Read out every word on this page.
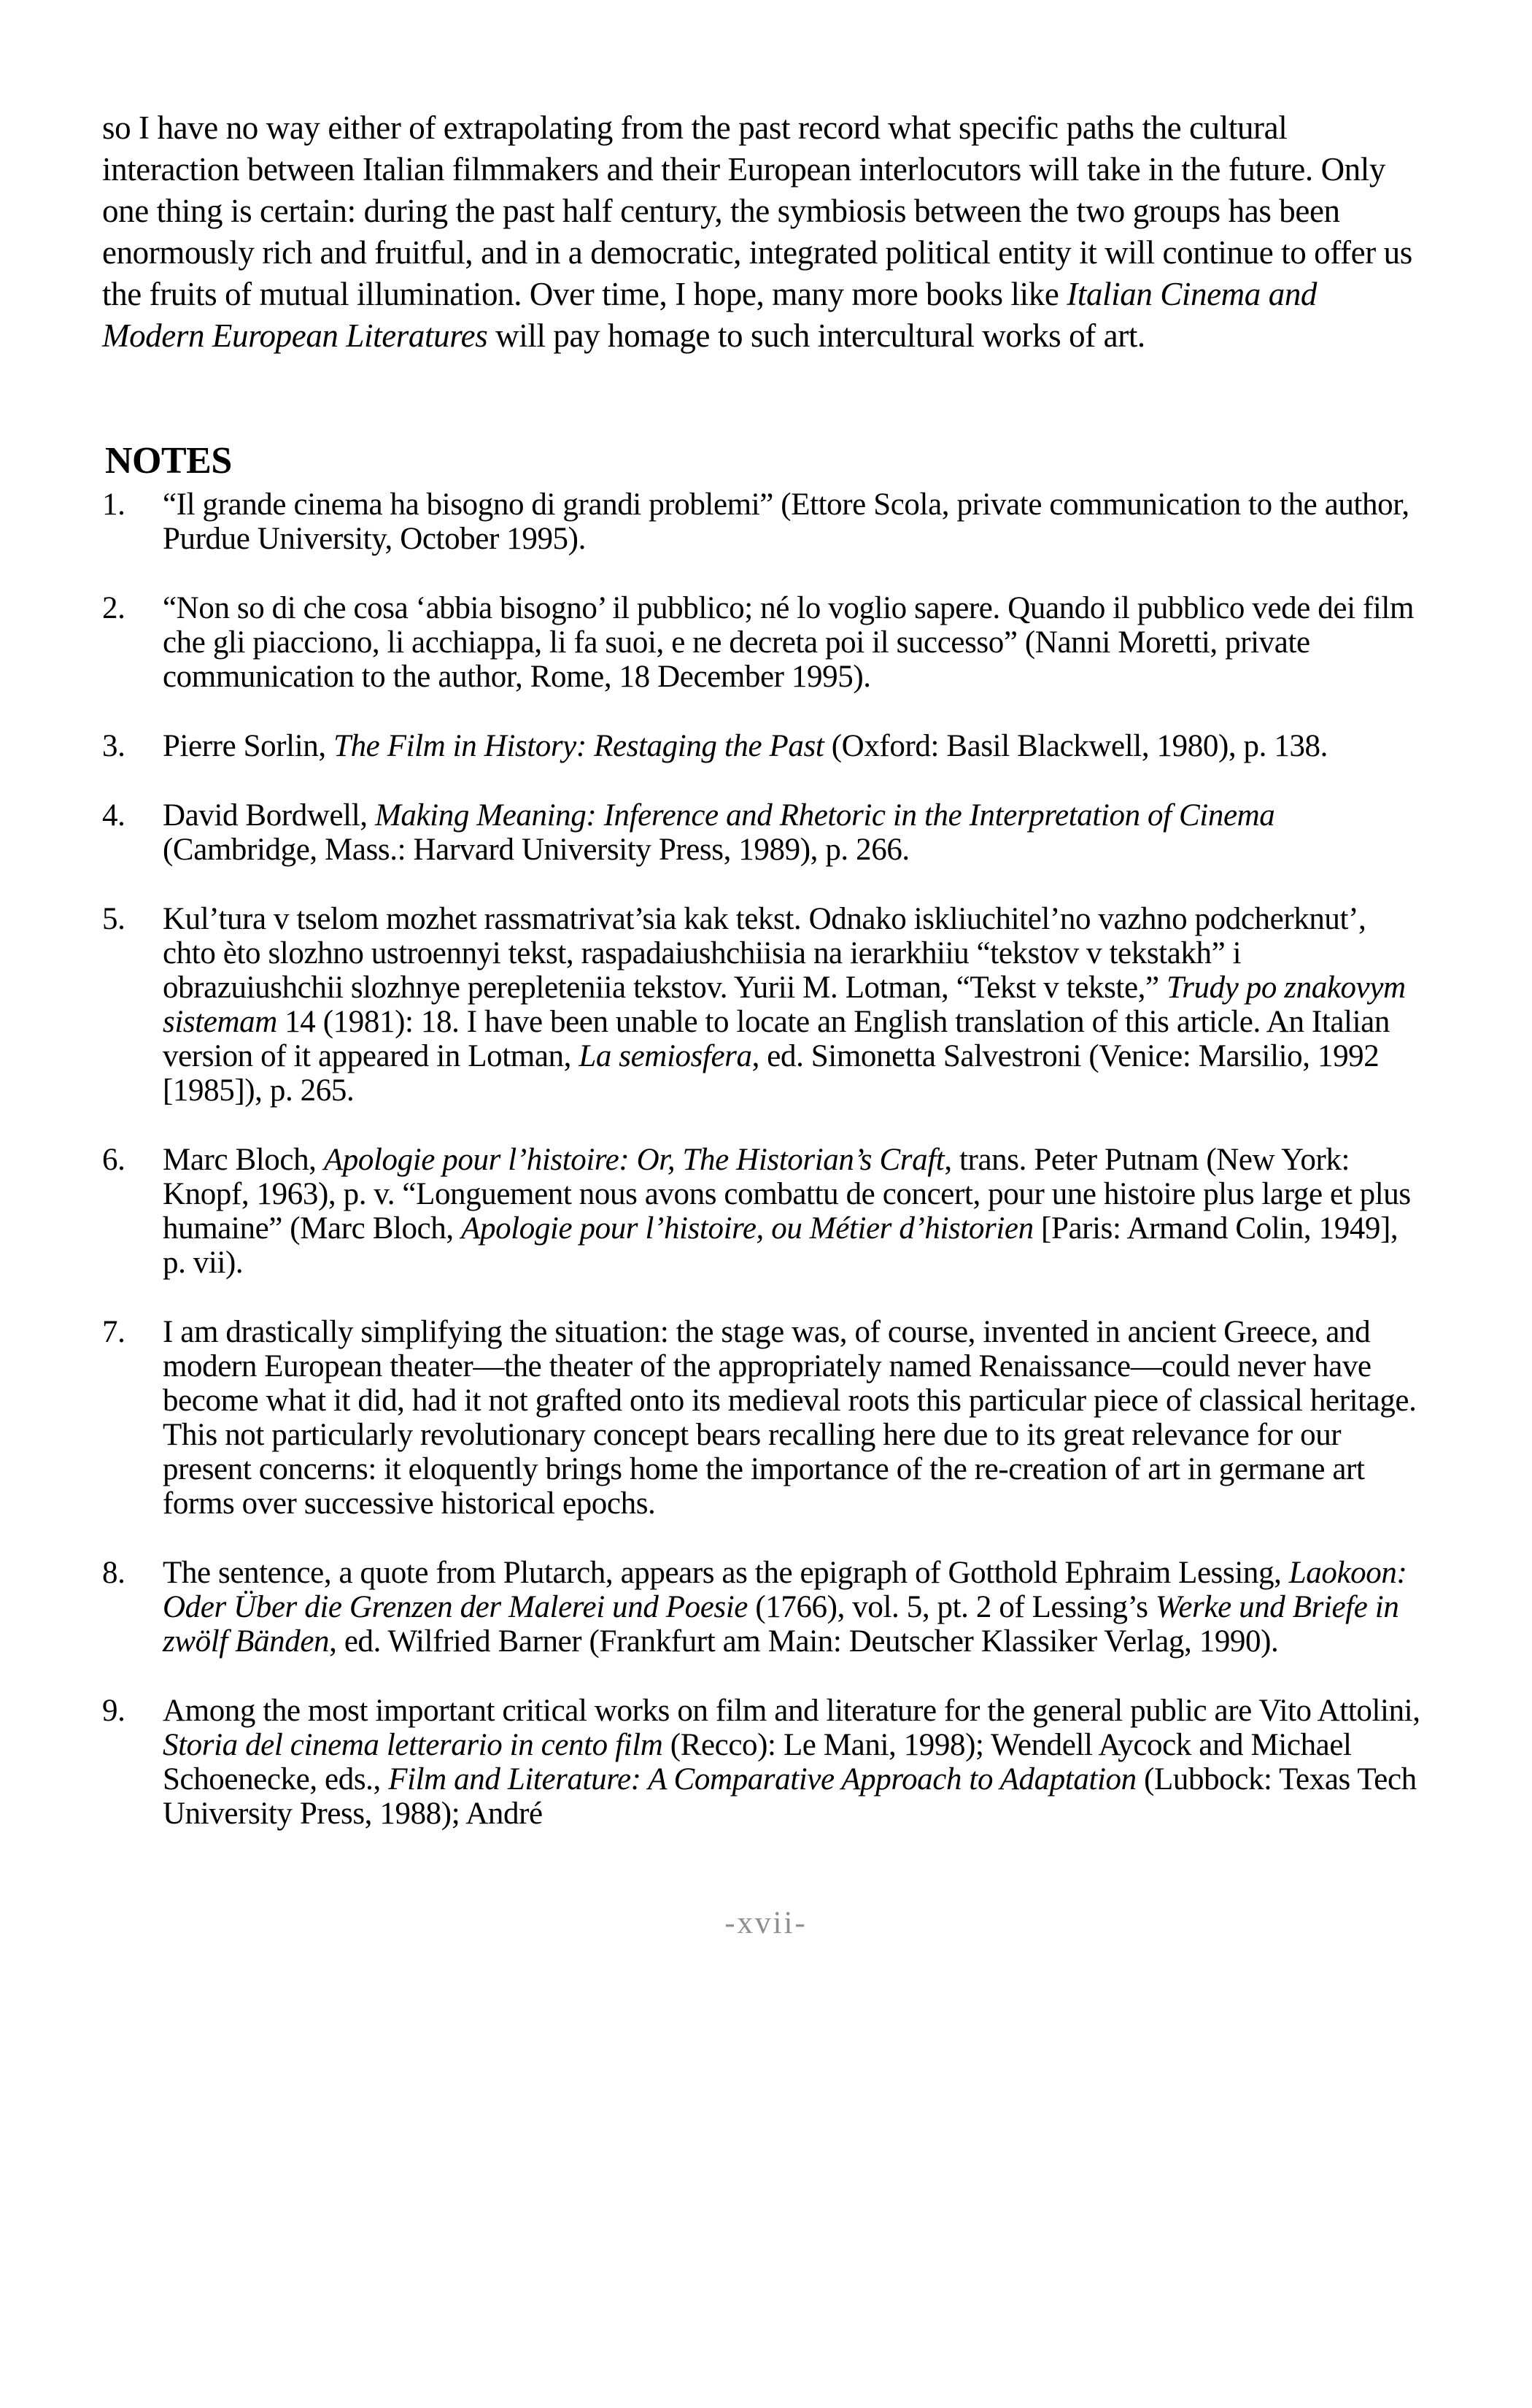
so I have no way either of extrapolating from the past record what specific paths the cultural interaction between Italian filmmakers and their European interlocutors will take in the future. Only one thing is certain: during the past half century, the symbiosis between the two groups has been enormously rich and fruitful, and in a democratic, integrated political entity it will continue to offer us the fruits of mutual illumination. Over time, I hope, many more books like Italian Cinema and Modern European Literatures will pay homage to such intercultural works of art.

NOTES
1.	“Il grande cinema ha bisogno di grandi problemi” (Ettore Scola, private communication to the author, Purdue University, October 1995).
2.	“Non so di che cosa ‘abbia bisogno’ il pubblico; né lo voglio sapere. Quando il pubblico vede dei film che gli piacciono, li acchiappa, li fa suoi, e ne decreta poi il successo” (Nanni Moretti, private communication to the author, Rome, 18 December 1995).
3.	Pierre Sorlin, The Film in History: Restaging the Past (Oxford: Basil Blackwell, 1980), p. 138.
4.	David Bordwell, Making Meaning: Inference and Rhetoric in the Interpretation of Cinema (Cambridge, Mass.: Harvard University Press, 1989), p. 266.
5.	Kul’tura v tselom mozhet rassmatrivat’sia kak tekst. Odnako iskliuchitel’no vazhno podcherknut’, chto èto slozhno ustroennyi tekst, raspadaiushchiisia na ierarkhiiu “tekstov v tekstakh” i obrazuiushchii slozhnye perepleteniia tekstov. Yurii M. Lotman, “Tekst v tekste,” Trudy po znakovym sistemam 14 (1981): 18. I have been unable to locate an English translation of this article. An Italian version of it appeared in Lotman, La semiosfera, ed. Simonetta Salvestroni (Venice: Marsilio, 1992 [1985]), p. 265.
6.	Marc Bloch, Apologie pour l’histoire: Or, The Historian’s Craft, trans. Peter Putnam (New York: Knopf, 1963), p. v. “Longuement nous avons combattu de concert, pour une histoire plus large et plus humaine” (Marc Bloch, Apologie pour l’histoire, ou Métier d’historien [Paris: Armand Colin, 1949], p. vii).
7.	I am drastically simplifying the situation: the stage was, of course, invented in ancient Greece, and modern European theater—the theater of the appropriately named Renaissance—could never have become what it did, had it not grafted onto its medieval roots this particular piece of classical heritage. This not particularly revolutionary concept bears recalling here due to its great relevance for our present concerns: it eloquently brings home the importance of the re-creation of art in germane art forms over successive historical epochs.
8.	The sentence, a quote from Plutarch, appears as the epigraph of Gotthold Ephraim Lessing, Laokoon: Oder Über die Grenzen der Malerei und Poesie (1766), vol. 5, pt. 2 of Lessing’s Werke und Briefe in zwölf Bänden, ed. Wilfried Barner (Frankfurt am Main: Deutscher Klassiker Verlag, 1990).
9.	Among the most important critical works on film and literature for the general public are Vito Attolini, Storia del cinema letterario in cento film (Recco): Le Mani, 1998); Wendell Aycock and Michael Schoenecke, eds., Film and Literature: A Comparative Approach to Adaptation (Lubbock: Texas Tech University Press, 1988); André
-xvii-
